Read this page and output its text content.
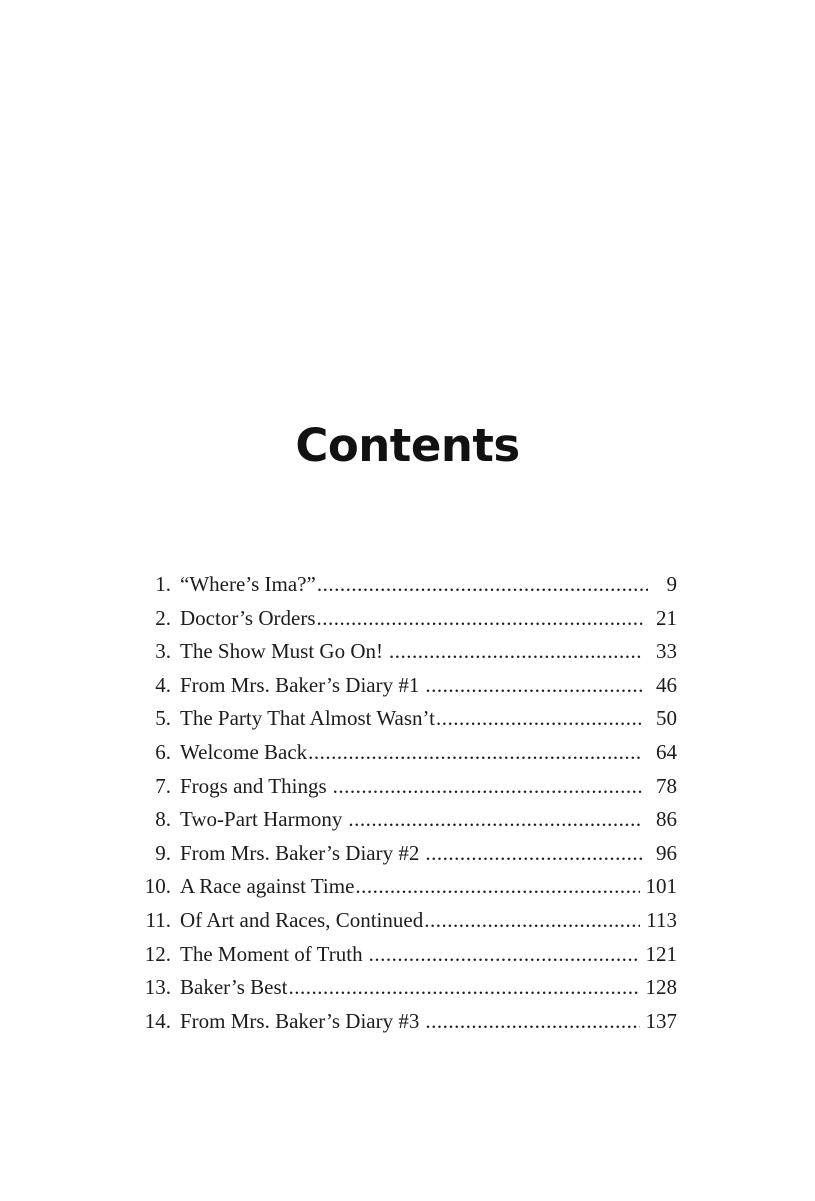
Contents
1. “Where’s Ima?” .....	9
2. Doctor’s Orders .....	21
3. The Show Must Go On! .....	33
4. From Mrs. Baker’s Diary #1 .....	46
5. The Party That Almost Wasn’t .....	50
6. Welcome Back .....	64
7. Frogs and Things .....	78
8. Two-Part Harmony .....	86
9. From Mrs. Baker’s Diary #2 .....	96
10. A Race against Time .....	101
11. Of Art and Races, Continued .....	113
12. The Moment of Truth .....	121
13. Baker’s Best .....	128
14. From Mrs. Baker’s Diary #3 .....	137
